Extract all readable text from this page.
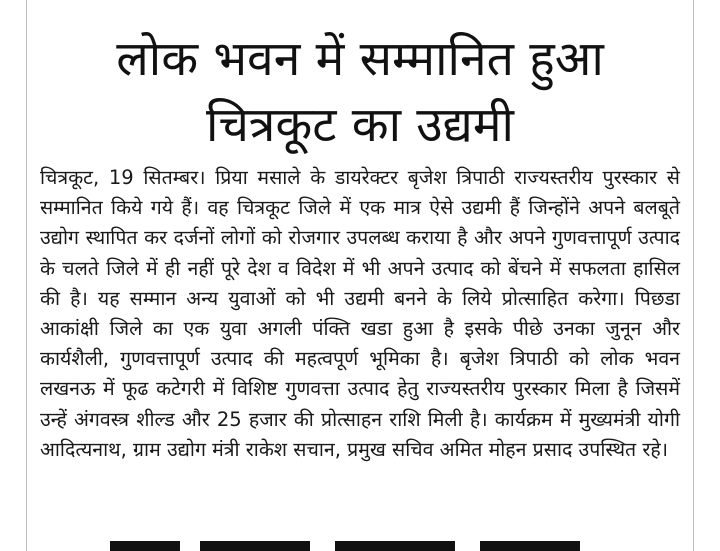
लोक भवन में सम्मानित हुआ
चित्रकूट का उद्यमी

चित्रकूट, 19 सितम्बर। प्रिया मसाले के डायरेक्टर बृजेश त्रिपाठी राज्यस्तरीय पुरस्कार से सम्मानित किये गये हैं। वह चित्रकूट जिले में एक मात्र ऐसे उद्यमी हैं जिन्होंने अपने बलबूते उद्योग स्थापित कर दर्जनों लोगों को रोजगार उपलब्ध कराया है और अपने गुणवत्तापूर्ण उत्पाद के चलते जिले में ही नहीं पूरे देश व विदेश में भी अपने उत्पाद को बेंचने में सफलता हासिल की है। यह सम्मान अन्य युवाओं को भी उद्यमी बनने के लिये प्रोत्साहित करेगा। पिछडा आकांक्षी जिले का एक युवा अगली पंक्ति खडा हुआ है इसके पीछे उनका जुनून और कार्यशैली, गुणवत्तापूर्ण उत्पाद की महत्वपूर्ण भूमिका है। बृजेश त्रिपाठी को लोक भवन लखनऊ में फूढ कटेगरी में विशिष्ट गुणवत्ता उत्पाद हेतु राज्यस्तरीय पुरस्कार मिला है जिसमें उन्हें अंगवस्त्र शील्ड और 25 हजार की प्रोत्साहन राशि मिली है। कार्यक्रम में मुख्यमंत्री योगी आदित्यनाथ, ग्राम उद्योग मंत्री राकेश सचान, प्रमुख सचिव अमित मोहन प्रसाद उपस्थित रहे।
